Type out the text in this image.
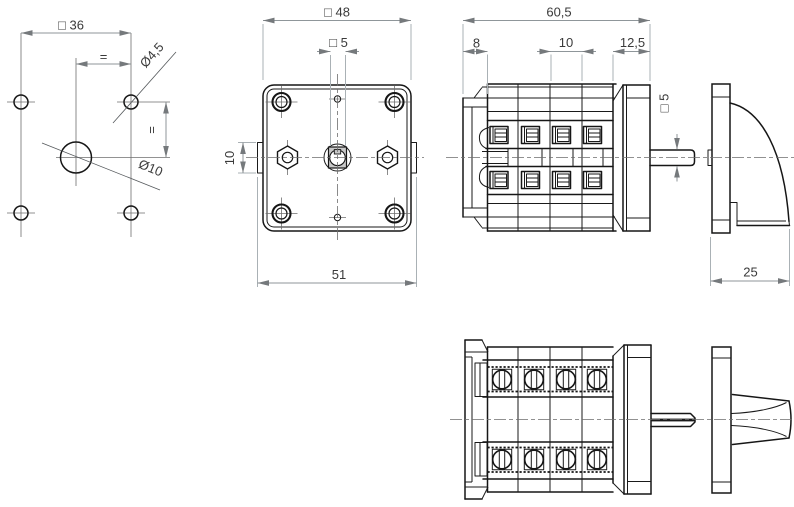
□ 36
=
=
Ø4,5
Ø10
□ 48
□ 5
10
51
60,5
8	10	12,5
□ 5
25
